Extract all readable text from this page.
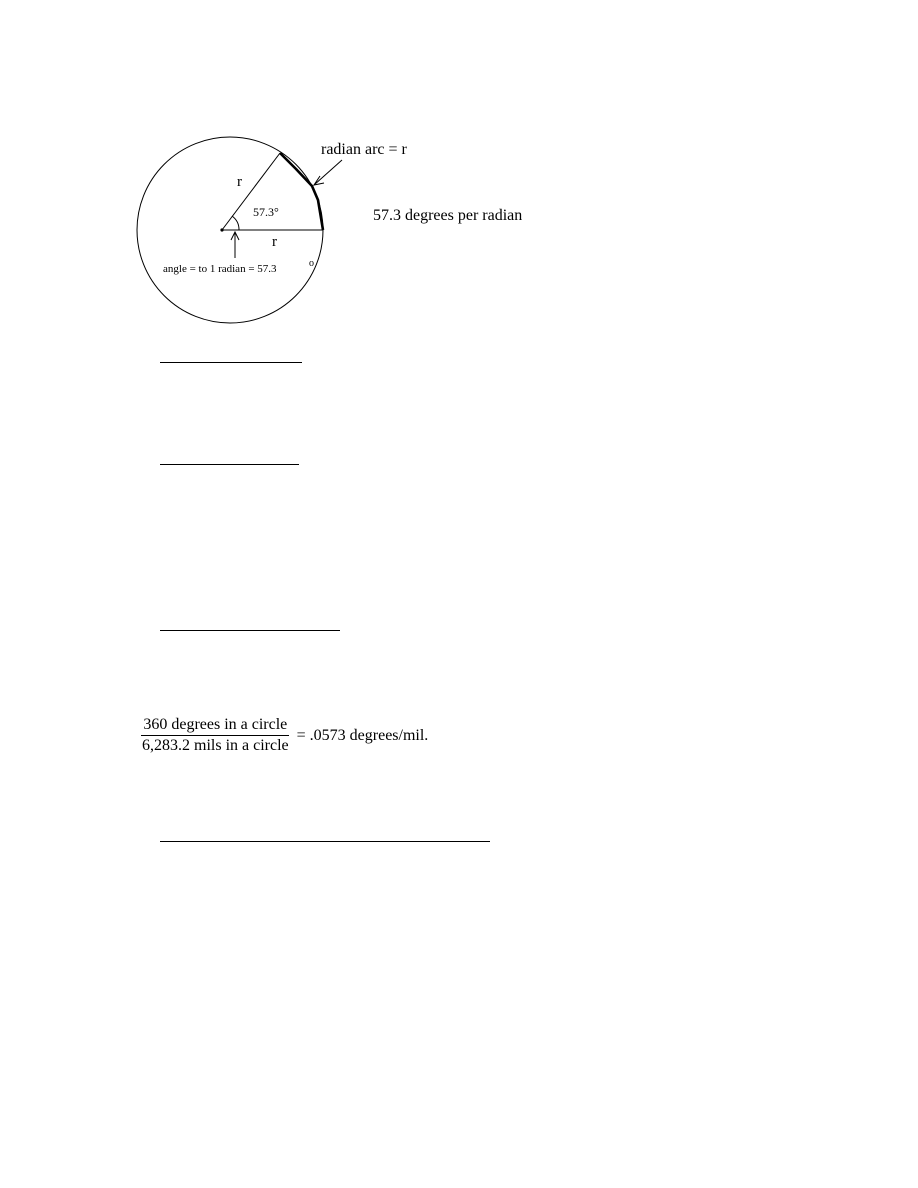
radian arc = r
r
57.3°
r
angle = to 1 radian = 57.3	o
57.3 degrees per radian
$\frac{\text{360 degrees in a circle}}{\text{6,283.2 mils in a circle}} = .0573$ degrees/mil.
